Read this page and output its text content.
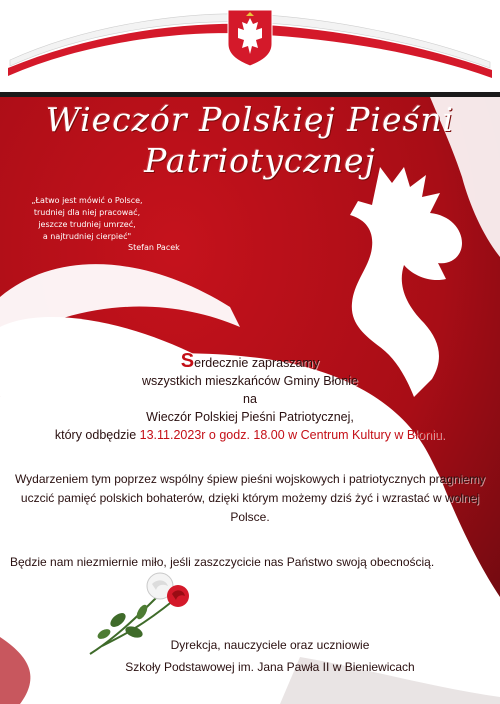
Wieczór Polskiej Pieśni
Patriotycznej
„Łatwo jest mówić o Polsce,
trudniej dla niej pracować,
jeszcze trudniej umrzeć,
a najtrudniej cierpieć"
Stefan Pacek

Serdecznie zapraszamy

wszystkich mieszkańców Gminy Błonie

na

Wieczór Polskiej Pieśni Patriotycznej,

który odbędzie 13.11.2023r o godz. 18.00 w Centrum Kultury w Błoniu.

Wydarzeniem tym poprzez wspólny śpiew pieśni wojskowych i patriotycznych pragniemy uczcić pamięć polskich bohaterów, dzięki którym możemy dziś żyć i wzrastać w wolnej Polsce.
Będzie nam niezmiernie miło, jeśli zaszczycicie nas Państwo swoją obecnością.
Dyrekcja, nauczyciele oraz uczniowie
Szkoły Podstawowej im. Jana Pawła II w Bieniewicach
